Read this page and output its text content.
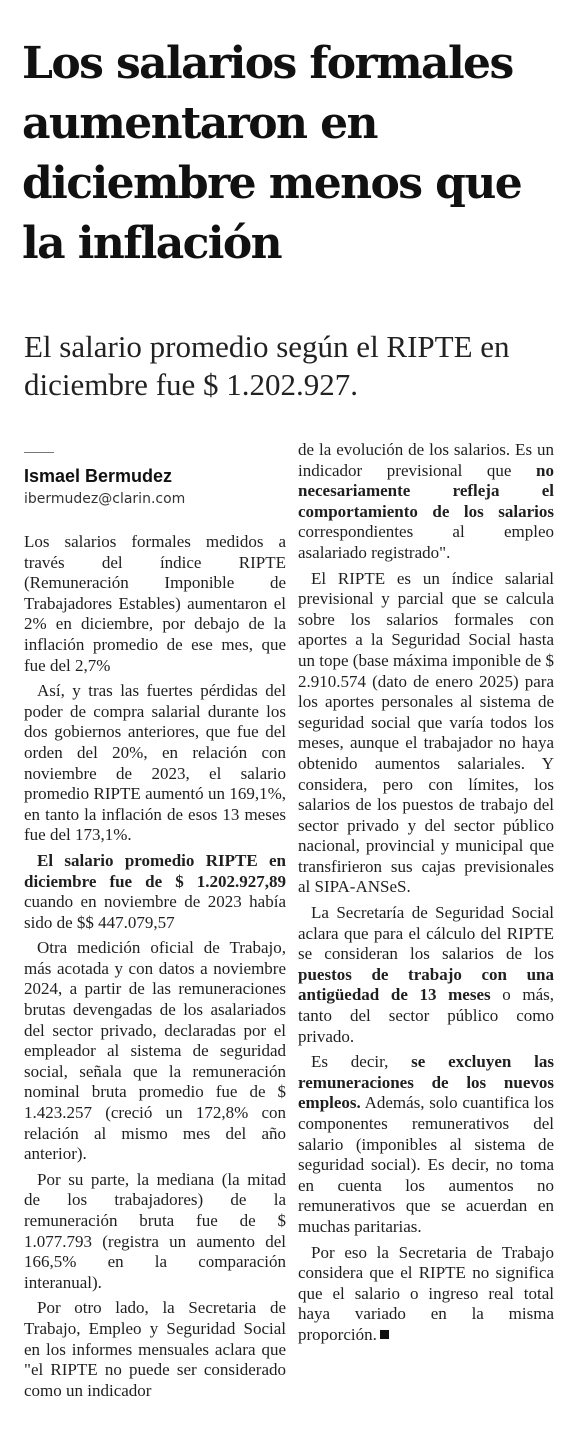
Los salarios formales aumentaron en diciembre menos que la inflación

El salario promedio según el RIPTE en diciembre fue $ 1.202.927.

Ismael Bermudez
ibermudez@clarin.com

Los salarios formales medidos a través del índice RIPTE (Remuneración Imponible de Trabajadores Estables) aumentaron el 2% en diciembre, por debajo de la inflación promedio de ese mes, que fue del 2,7%

Así, y tras las fuertes pérdidas del poder de compra salarial durante los dos gobiernos anteriores, que fue del orden del 20%, en relación con noviembre de 2023, el salario promedio RIPTE aumentó un 169,1%, en tanto la inflación de esos 13 meses fue del 173,1%.

El salario promedio RIPTE en diciembre fue de $ 1.202.927,89 cuando en noviembre de 2023 había sido de $$ 447.079,57

Otra medición oficial de Trabajo, más acotada y con datos a noviembre 2024, a partir de las remuneraciones brutas devengadas de los asalariados del sector privado, declaradas por el empleador al sistema de seguridad social, señala que la remuneración nominal bruta promedio fue de $ 1.423.257 (creció un 172,8% con relación al mismo mes del año anterior).

Por su parte, la mediana (la mitad de los trabajadores) de la remuneración bruta fue de $ 1.077.793 (registra un aumento del 166,5% en la comparación interanual).

Por otro lado, la Secretaria de Trabajo, Empleo y Seguridad Social en los informes mensuales aclara que "el RIPTE no puede ser considerado como un indicador

de la evolución de los salarios. Es un indicador previsional que no necesariamente refleja el comportamiento de los salarios correspondientes al empleo asalariado registrado".

El RIPTE es un índice salarial previsional y parcial que se calcula sobre los salarios formales con aportes a la Seguridad Social hasta un tope (base máxima imponible de $ 2.910.574 (dato de enero 2025) para los aportes personales al sistema de seguridad social que varía todos los meses, aunque el trabajador no haya obtenido aumentos salariales. Y considera, pero con límites, los salarios de los puestos de trabajo del sector privado y del sector público nacional, provincial y municipal que transfirieron sus cajas previsionales al SIPA-ANSeS.

La Secretaría de Seguridad Social aclara que para el cálculo del RIPTE se consideran los salarios de los puestos de trabajo con una antigüedad de 13 meses o más, tanto del sector público como privado.

Es decir, se excluyen las remuneraciones de los nuevos empleos. Además, solo cuantifica los componentes remunerativos del salario (imponibles al sistema de seguridad social). Es decir, no toma en cuenta los aumentos no remunerativos que se acuerdan en muchas paritarias.

Por eso la Secretaria de Trabajo considera que el RIPTE no significa que el salario o ingreso real total haya variado en la misma proporción.
